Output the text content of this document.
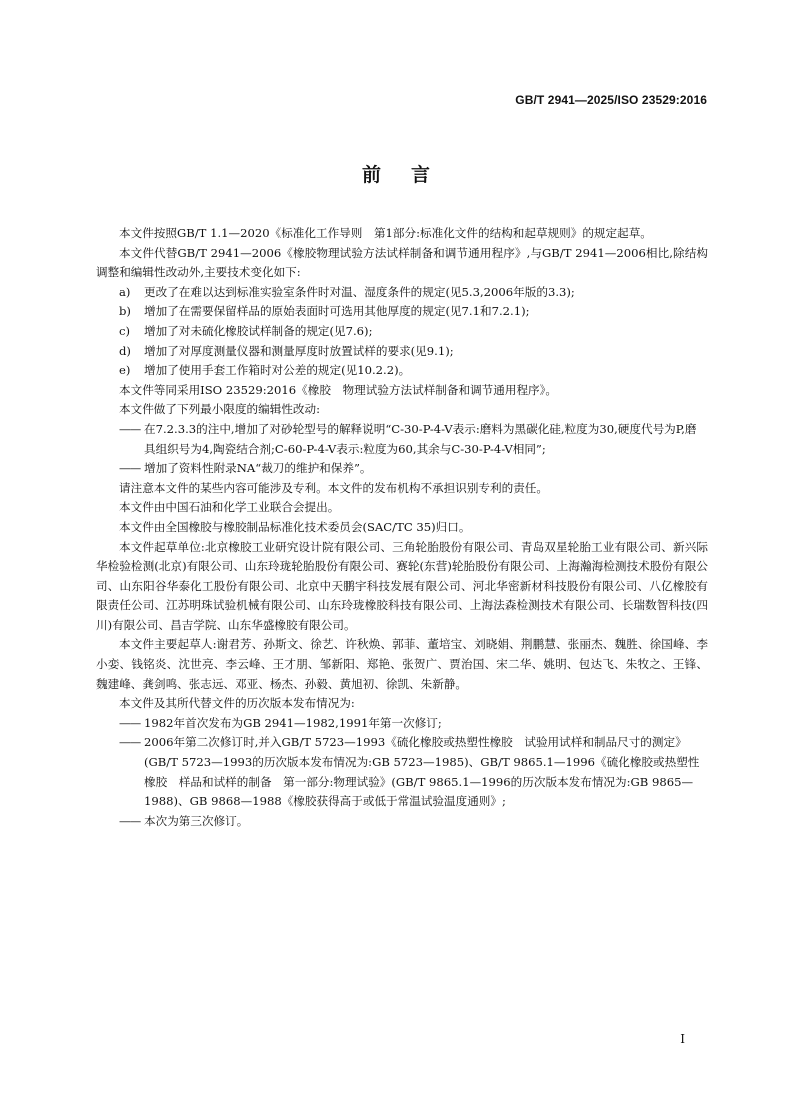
GB/T 2941—2025/ISO 23529:2016
前言

本文件按照GB/T 1.1—2020《标准化工作导则　第1部分:标准化文件的结构和起草规则》的规定起草。

本文件代替GB/T 2941—2006《橡胶物理试验方法试样制备和调节通用程序》,与GB/T 2941—2006相比,除结构调整和编辑性改动外,主要技术变化如下:

a) 更改了在难以达到标准实验室条件时对温、湿度条件的规定(见5.3,2006年版的3.3);

b) 增加了在需要保留样品的原始表面时可选用其他厚度的规定(见7.1和7.2.1);

c) 增加了对未硫化橡胶试样制备的规定(见7.6);

d) 增加了对厚度测量仪器和测量厚度时放置试样的要求(见9.1);

e) 增加了使用手套工作箱时对公差的规定(见10.2.2)。

本文件等同采用ISO 23529:2016《橡胶　物理试验方法试样制备和调节通用程序》。

本文件做了下列最小限度的编辑性改动:

—— 在7.2.3.3的注中,增加了对砂轮型号的解释说明“C-30-P-4-V表示:磨料为黑碳化硅,粒度为30,硬度代号为P,磨具组织号为4,陶瓷结合剂;C-60-P-4-V表示:粒度为60,其余与C-30-P-4-V相同”;

—— 增加了资料性附录NA“裁刀的维护和保养”。

请注意本文件的某些内容可能涉及专利。本文件的发布机构不承担识别专利的责任。

本文件由中国石油和化学工业联合会提出。

本文件由全国橡胶与橡胶制品标准化技术委员会(SAC/TC 35)归口。

本文件起草单位:北京橡胶工业研究设计院有限公司、三角轮胎股份有限公司、青岛双星轮胎工业有限公司、新兴际华检验检测(北京)有限公司、山东玲珑轮胎股份有限公司、赛轮(东营)轮胎股份有限公司、上海瀚海检测技术股份有限公司、山东阳谷华泰化工股份有限公司、北京中天鹏宇科技发展有限公司、河北华密新材科技股份有限公司、八亿橡胶有限责任公司、江苏明珠试验机械有限公司、山东玲珑橡胶科技有限公司、上海法森检测技术有限公司、长瑞数智科技(四川)有限公司、昌吉学院、山东华盛橡胶有限公司。

本文件主要起草人:谢君芳、孙斯文、徐艺、许秋焕、郭菲、董培宝、刘晓娟、荆鹏慧、张丽杰、魏胜、徐国峰、李小娈、钱铭炎、沈世亮、李云峰、王才朋、邹新阳、郑艳、张贺广、贾治国、宋二华、姚明、包达飞、朱牧之、王锋、魏建峰、龚剑鸣、张志远、邓亚、杨杰、孙毅、黄旭初、徐凯、朱新静。

本文件及其所代替文件的历次版本发布情况为:

—— 1982年首次发布为GB 2941—1982,1991年第一次修订;

—— 2006年第二次修订时,并入GB/T 5723—1993《硫化橡胶或热塑性橡胶　试验用试样和制品尺寸的测定》(GB/T 5723—1993的历次版本发布情况为:GB 5723—1985)、GB/T 9865.1—1996《硫化橡胶或热塑性橡胶　样品和试样的制备　第一部分:物理试验》(GB/T 9865.1—1996的历次版本发布情况为:GB 9865—1988)、GB 9868—1988《橡胶获得高于或低于常温试验温度通则》;

—— 本次为第三次修订。

I
